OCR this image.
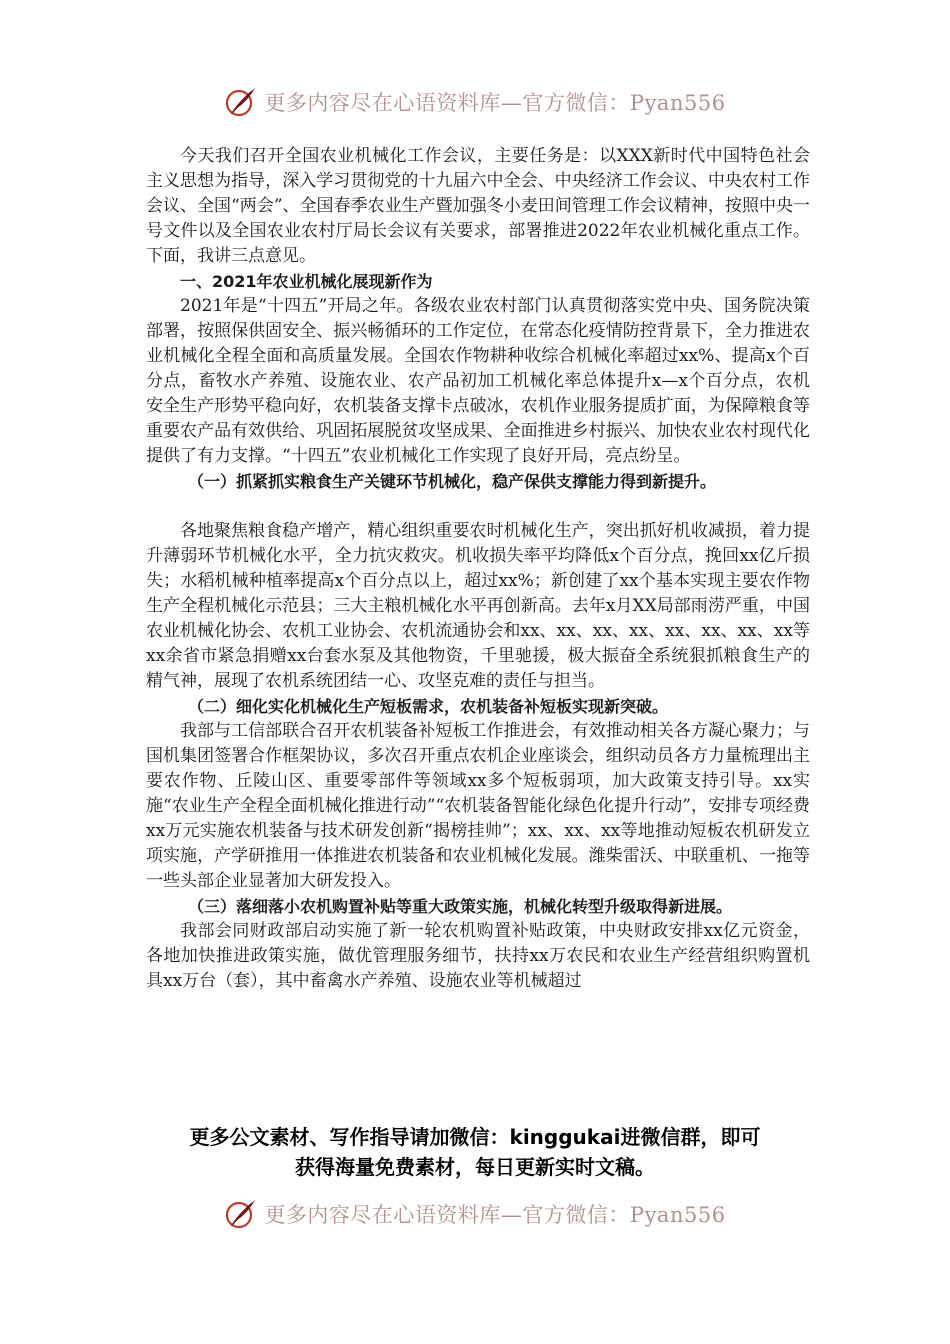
更多内容尽在心语资料库—官方微信：Pyan556

今天我们召开全国农业机械化工作会议，主要任务是：以XXX新时代中国特色社会主义思想为指导，深入学习贯彻党的十九届六中全会、中央经济工作会议、中央农村工作会议、全国“两会”、全国春季农业生产暨加强冬小麦田间管理工作会议精神，按照中央一号文件以及全国农业农村厅局长会议有关要求，部署推进2022年农业机械化重点工作。下面，我讲三点意见。

一、2021年农业机械化展现新作为

2021年是“十四五”开局之年。各级农业农村部门认真贯彻落实党中央、国务院决策部署，按照保供固安全、振兴畅循环的工作定位，在常态化疫情防控背景下，全力推进农业机械化全程全面和高质量发展。全国农作物耕种收综合机械化率超过xx%、提高x个百分点，畜牧水产养殖、设施农业、农产品初加工机械化率总体提升x—x个百分点，农机安全生产形势平稳向好，农机装备支撑卡点破冰，农机作业服务提质扩面，为保障粮食等重要农产品有效供给、巩固拓展脱贫攻坚成果、全面推进乡村振兴、加快农业农村现代化提供了有力支撑。“十四五”农业机械化工作实现了良好开局，亮点纷呈。

（一）抓紧抓实粮食生产关键环节机械化，稳产保供支撑能力得到新提升。

各地聚焦粮食稳产增产，精心组织重要农时机械化生产，突出抓好机收减损，着力提升薄弱环节机械化水平，全力抗灾救灾。机收损失率平均降低x个百分点，挽回xx亿斤损失；水稻机械种植率提高x个百分点以上，超过xx%；新创建了xx个基本实现主要农作物生产全程机械化示范县；三大主粮机械化水平再创新高。去年x月XX局部雨涝严重，中国农业机械化协会、农机工业协会、农机流通协会和xx、xx、xx、xx、xx、xx、xx、xx等xx余省市紧急捐赠xx台套水泵及其他物资，千里驰援，极大振奋全系统狠抓粮食生产的精气神，展现了农机系统团结一心、攻坚克难的责任与担当。

（二）细化实化机械化生产短板需求，农机装备补短板实现新突破。

我部与工信部联合召开农机装备补短板工作推进会，有效推动相关各方凝心聚力；与国机集团签署合作框架协议，多次召开重点农机企业座谈会，组织动员各方力量梳理出主要农作物、丘陵山区、重要零部件等领域xx多个短板弱项，加大政策支持引导。xx实施“农业生产全程全面机械化推进行动”“农机装备智能化绿色化提升行动”，安排专项经费xx万元实施农机装备与技术研发创新“揭榜挂帅”；xx、xx、xx等地推动短板农机研发立项实施，产学研推用一体推进农机装备和农业机械化发展。潍柴雷沃、中联重机、一拖等一些头部企业显著加大研发投入。

（三）落细落小农机购置补贴等重大政策实施，机械化转型升级取得新进展。

我部会同财政部启动实施了新一轮农机购置补贴政策，中央财政安排xx亿元资金，各地加快推进政策实施，做优管理服务细节，扶持xx万农民和农业生产经营组织购置机具xx万台（套），其中畜禽水产养殖、设施农业等机械超过

更多公文素材、写作指导请加微信：kinggukai进微信群，即可
获得海量免费素材，每日更新实时文稿。
更多内容尽在心语资料库—官方微信：Pyan556
